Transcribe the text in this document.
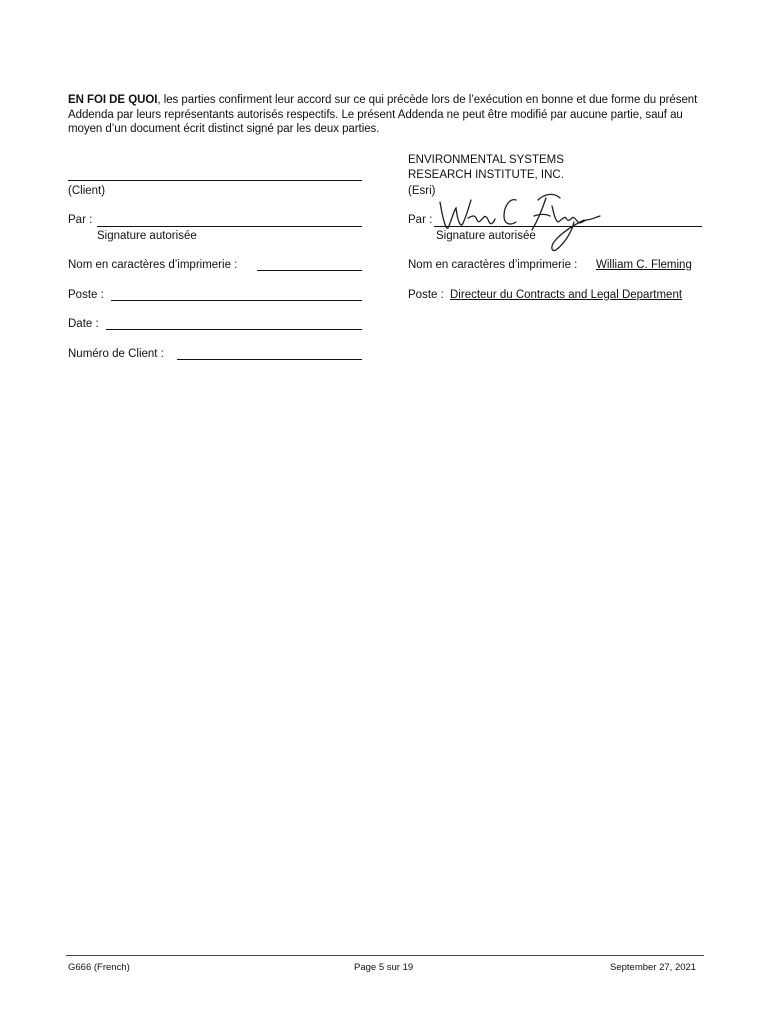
EN FOI DE QUOI, les parties confirment leur accord sur ce qui précède lors de l’exécution en bonne et due forme du présent Addenda par leurs représentants autorisés respectifs. Le présent Addenda ne peut être modifié par aucune partie, sauf au moyen d’un document écrit distinct signé par les deux parties.
(Client)
Par :
Signature autorisée
Nom en caractères d’imprimerie :
Poste :
Date :
Numéro de Client :
ENVIRONMENTAL SYSTEMS
RESEARCH INSTITUTE, INC.
(Esri)
Par :
Signature autorisée
Nom en caractères d’imprimerie : William C. Fleming
Poste : Directeur du Contracts and Legal Department
G666 (French)	Page 5 sur 19	September 27, 2021
